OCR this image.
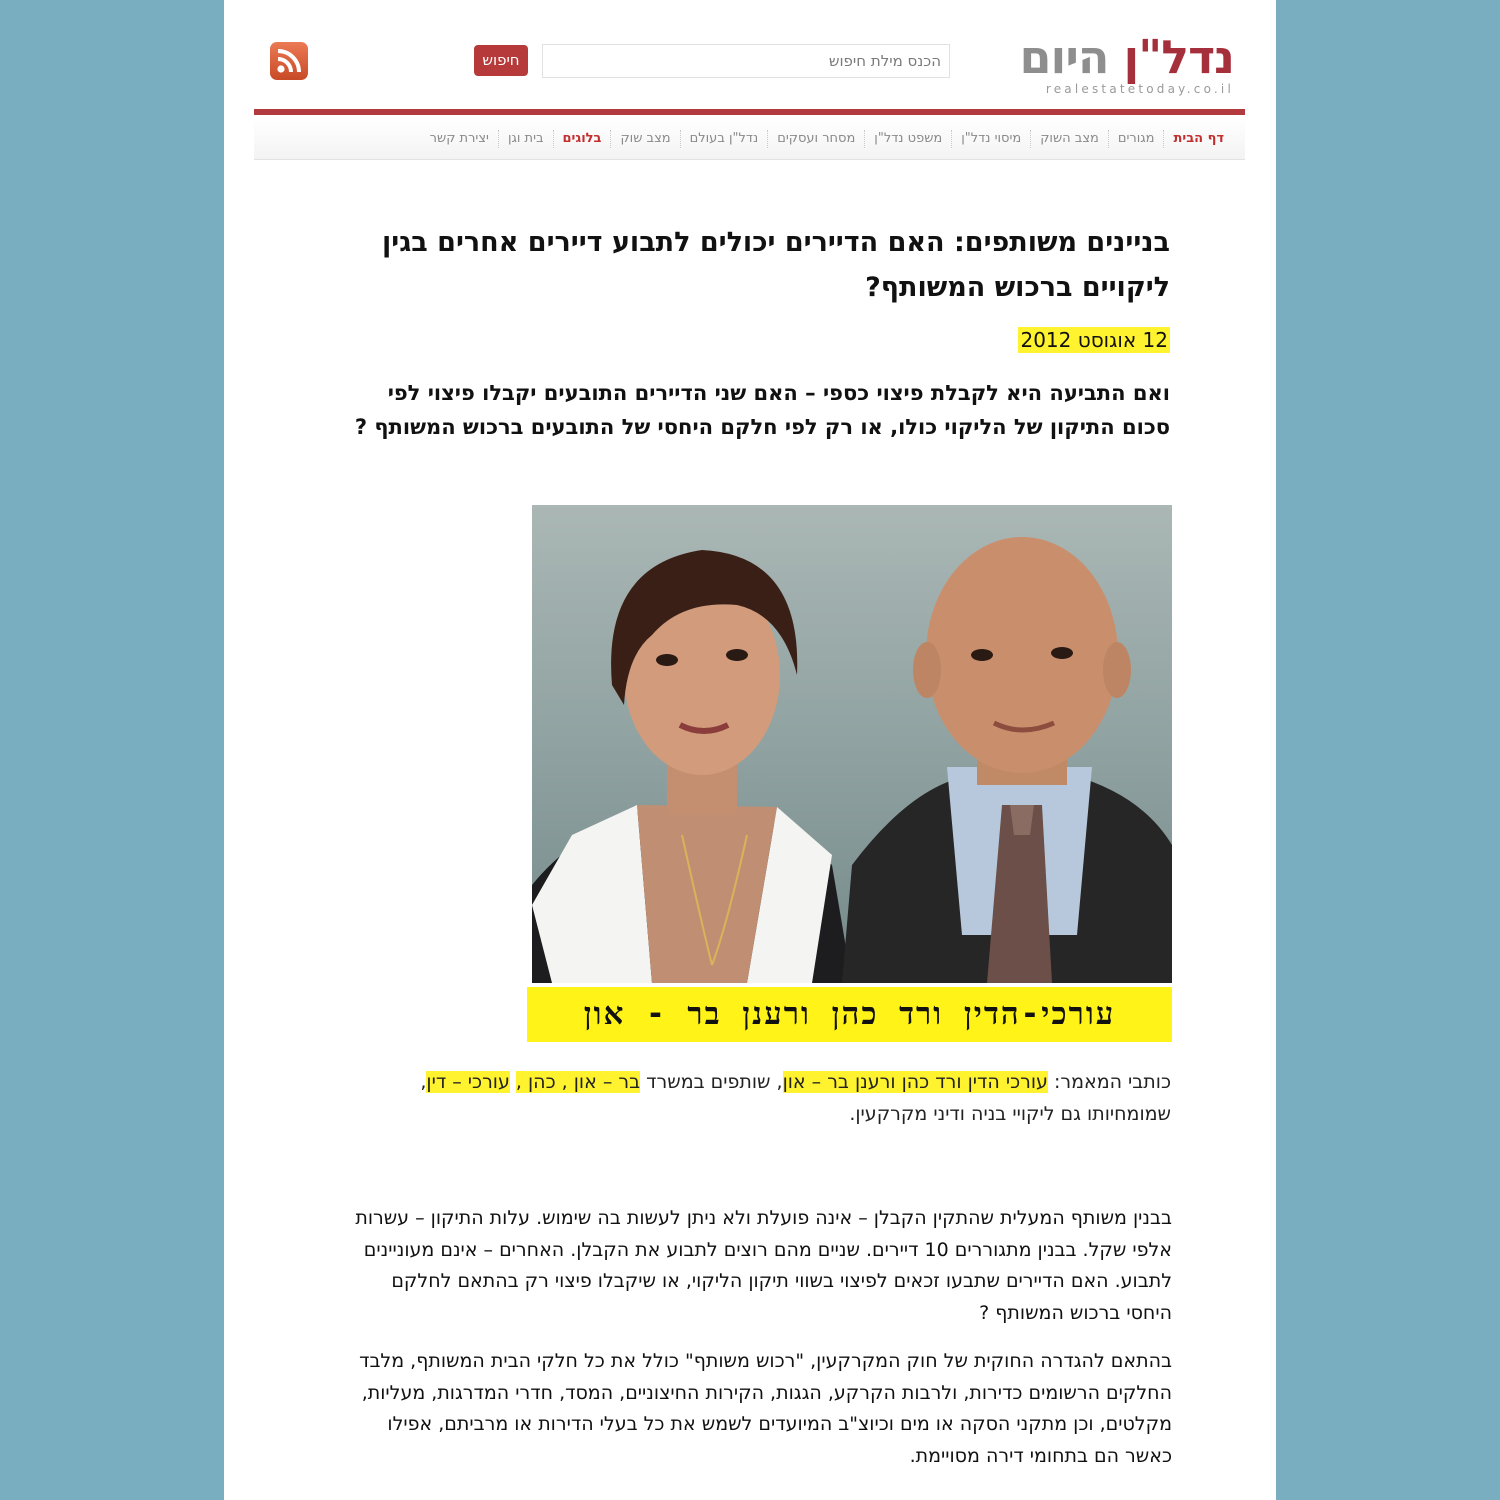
חיפוש
הכנס מילת חיפוש	נדל"ן היום
realestatetoday.co.il
דף הבית
מגורים
מצב השוק
מיסוי נדל"ן
משפט נדל"ן
מסחר ועסקים
נדל"ן בעולם
מצב שוק
בלוגים
בית וגן
יצירת קשר
בניינים משותפים: האם הדיירים יכולים לתבוע דיירים אחרים בגין ליקויים ברכוש המשותף?
12 אוגוסט 2012

ואם התביעה היא לקבלת פיצוי כספי – האם שני הדיירים התובעים יקבלו פיצוי לפי סכום התיקון של הליקוי כולו, או רק לפי חלקם היחסי של התובעים ברכוש המשותף ?

עורכי-הדין ורד כהן ורענן בר - און

כותבי המאמר: עורכי הדין ורד כהן ורענן בר – און, שותפים במשרד בר – און , כהן , עורכי – דין, שמומחיותו גם ליקויי בניה ודיני מקרקעין.

בבנין משותף המעלית שהתקין הקבלן – אינה פועלת ולא ניתן לעשות בה שימוש. עלות התיקון – עשרות אלפי שקל. בבנין מתגוררים 10 דיירים. שניים מהם רוצים לתבוע את הקבלן. האחרים – אינם מעוניינים לתבוע. האם הדיירים שתבעו זכאים לפיצוי בשווי תיקון הליקוי, או שיקבלו פיצוי רק בהתאם לחלקם היחסי ברכוש המשותף ?

בהתאם להגדרה החוקית של חוק המקרקעין, "רכוש משותף" כולל את כל חלקי הבית המשותף, מלבד החלקים הרשומים כדירות, ולרבות הקרקע, הגגות, הקירות החיצוניים, המסד, חדרי המדרגות, מעליות, מקלטים, וכן מתקני הסקה או מים וכיוצ"ב המיועדים לשמש את כל בעלי הדירות או מרביתם, אפילו כאשר הם בתחומי דירה מסויימת.
